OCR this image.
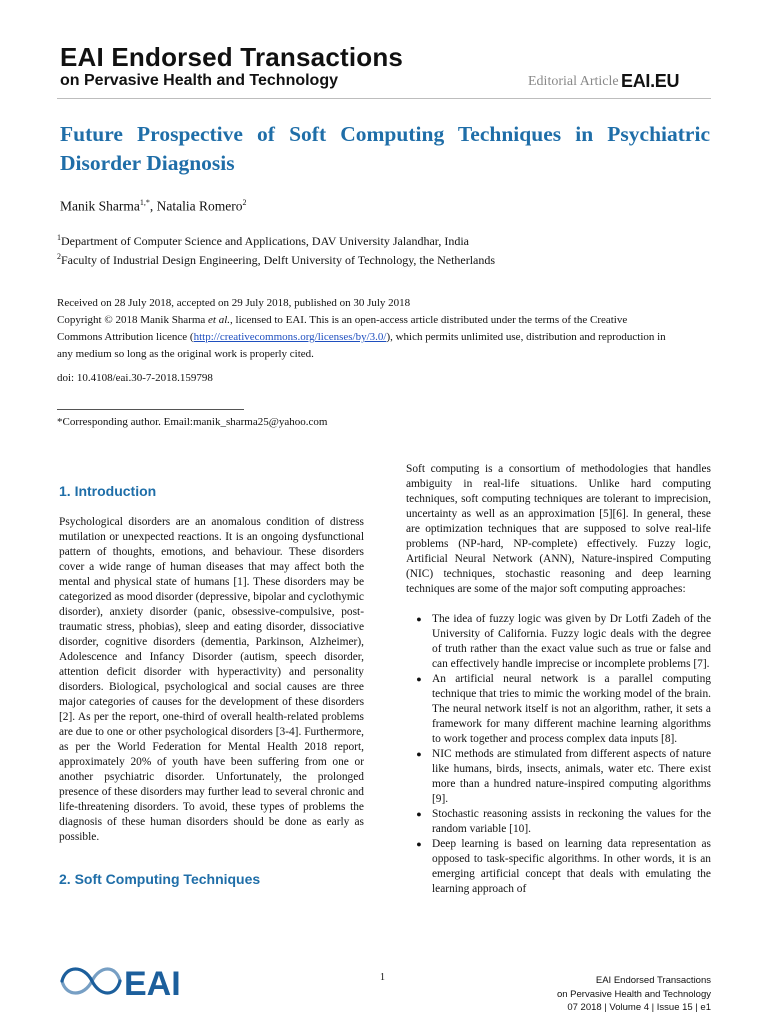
EAI Endorsed Transactions
on Pervasive Health and Technology	Editorial Article EAI.EU
Future Prospective of Soft Computing Techniques in Psychiatric Disorder Diagnosis
Manik Sharma$^{1,*}$, Natalia Romero$^2$
$^1$Department of Computer Science and Applications, DAV University Jalandhar, India
$^2$Faculty of Industrial Design Engineering, Delft University of Technology, the Netherlands
Received on 28 July 2018, accepted on 29 July 2018, published on 30 July 2018
Copyright © 2018 Manik Sharma et al., licensed to EAI. This is an open-access article distributed under the terms of the Creative
Commons Attribution licence (http://creativecommons.org/licenses/by/3.0/), which permits unlimited use, distribution and reproduction in
any medium so long as the original work is properly cited.
doi: 10.4108/eai.30-7-2018.159798
*Corresponding author. Email:manik_sharma25@yahoo.com
1. Introduction

Psychological disorders are an anomalous condition of distress mutilation or unexpected reactions. It is an ongoing dysfunctional pattern of thoughts, emotions, and behaviour. These disorders cover a wide range of human diseases that may affect both the mental and physical state of humans [1]. These disorders may be categorized as mood disorder (depressive, bipolar and cyclothymic disorder), anxiety disorder (panic, obsessive-compulsive, post-traumatic stress, phobias), sleep and eating disorder, dissociative disorder, cognitive disorders (dementia, Parkinson, Alzheimer), Adolescence and Infancy Disorder (autism, speech disorder, attention deficit disorder with hyperactivity) and personality disorders. Biological, psychological and social causes are three major categories of causes for the development of these disorders [2]. As per the report, one-third of overall health-related problems are due to one or other psychological disorders [3-4]. Furthermore, as per the World Federation for Mental Health 2018 report, approximately 20% of youth have been suffering from one or another psychiatric disorder. Unfortunately, the prolonged presence of these disorders may further lead to several chronic and life-threatening disorders. To avoid, these types of problems the diagnosis of these human disorders should be done as early as possible.

2. Soft Computing Techniques

Soft computing is a consortium of methodologies that handles ambiguity in real-life situations. Unlike hard computing techniques, soft computing techniques are tolerant to imprecision, uncertainty as well as an approximation [5][6]. In general, these are optimization techniques that are supposed to solve real-life problems (NP-hard, NP-complete) effectively. Fuzzy logic, Artificial Neural Network (ANN), Nature-inspired Computing (NIC) techniques, stochastic reasoning and deep learning techniques are some of the major soft computing approaches:

● The idea of fuzzy logic was given by Dr Lotfi Zadeh of the University of California. Fuzzy logic deals with the degree of truth rather than the exact value such as true or false and can effectively handle imprecise or incomplete problems [7].
● An artificial neural network is a parallel computing technique that tries to mimic the working model of the brain. The neural network itself is not an algorithm, rather, it sets a framework for many different machine learning algorithms to work together and process complex data inputs [8].
● NIC methods are stimulated from different aspects of nature like humans, birds, insects, animals, water etc. There exist more than a hundred nature-inspired computing algorithms [9].
● Stochastic reasoning assists in reckoning the values for the random variable [10].
● Deep learning is based on learning data representation as opposed to task-specific algorithms. In other words, it is an emerging artificial concept that deals with emulating the learning approach of
EAI	1	EAI Endorsed Transactions
on Pervasive Health and Technology
07 2018 | Volume 4 | Issue 15 | e1
